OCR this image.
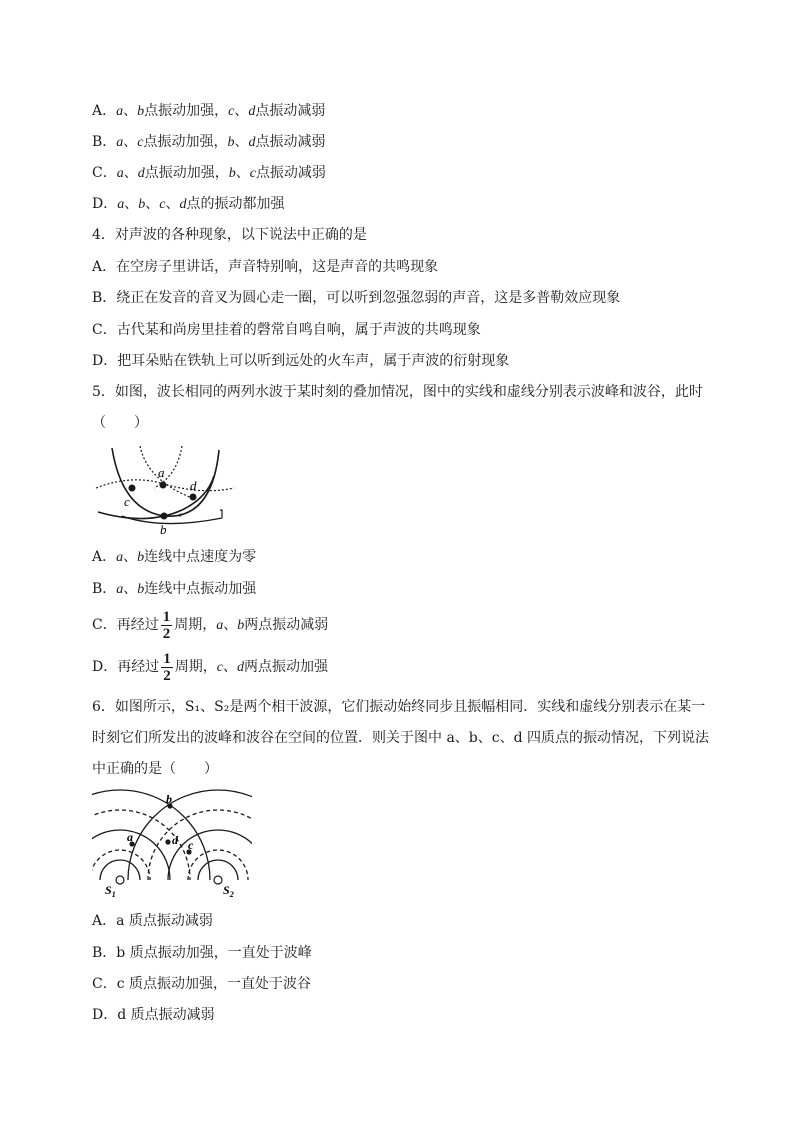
A．a、b点振动加强，c、d点振动减弱
B．a、c点振动加强，b、d点振动减弱
C．a、d点振动加强，b、c点振动减弱
D．a、b、c、d点的振动都加强
4．对声波的各种现象，以下说法中正确的是
A．在空房子里讲话，声音特别响，这是声音的共鸣现象
B．绕正在发音的音叉为圆心走一圈，可以听到忽强忽弱的声音，这是多普勒效应现象
C．古代某和尚房里挂着的磬常自鸣自响，属于声波的共鸣现象
D．把耳朵贴在铁轨上可以听到远处的火车声，属于声波的衍射现象
5．如图，波长相同的两列水波于某时刻的叠加情况，图中的实线和虚线分别表示波峰和波谷，此时
（　　）
a
c
d
b
e
A．a、b连线中点速度为零
B．a、b连线中点振动加强
C．再经过 $\frac{1}{2}$ 周期，a、b两点振动减弱
D．再经过 $\frac{1}{2}$ 周期，c、d两点振动加强
6．如图所示，S₁、S₂是两个相干波源，它们振动始终同步且振幅相同．实线和虚线分别表示在某一
时刻它们所发出的波峰和波谷在空间的位置．则关于图中 a、b、c、d 四质点的振动情况，下列说法
中正确的是（　　）
b
a	d c
$S_1$	$S_2$
A．a 质点振动减弱
B．b 质点振动加强，一直处于波峰
C．c 质点振动加强，一直处于波谷
D．d 质点振动减弱
